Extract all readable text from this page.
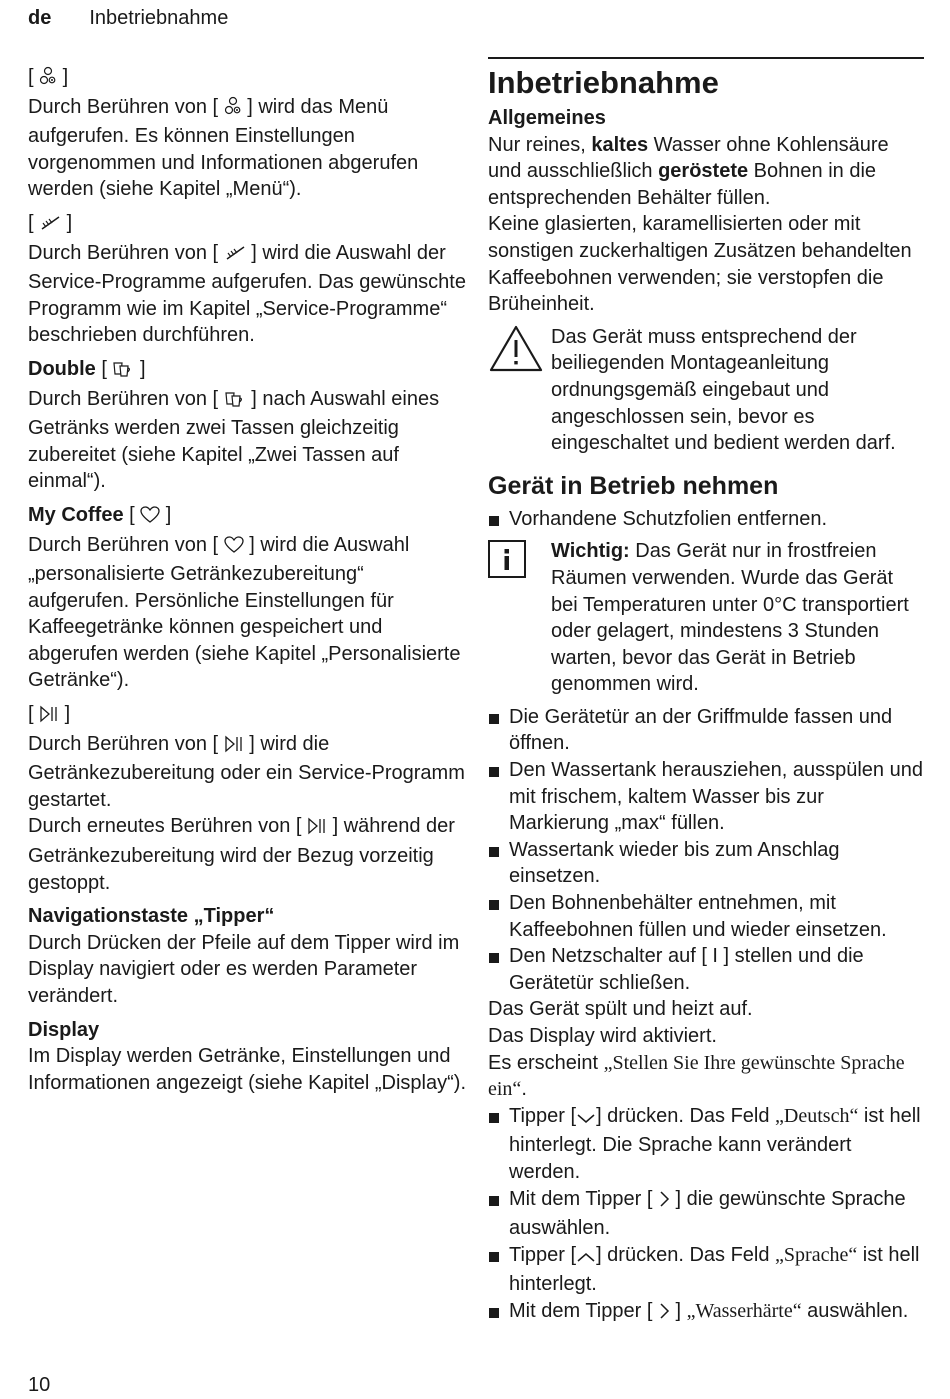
de Inbetriebnahme

[  ]

Durch Berühren von [  ] wird das Menü aufgerufen. Es können Einstellungen vorgenommen und Informationen abgerufen werden (siehe Kapitel „Menü“).

[  ]

Durch Berühren von [  ] wird die Auswahl der Service-Programme aufgerufen. Das gewünschte Programm wie im Kapitel „Service-Programme“ beschrieben durchführen.

Double [  ]

Durch Berühren von [  ] nach Auswahl eines Getränks werden zwei Tassen gleichzeitig zubereitet (siehe Kapitel „Zwei Tassen auf einmal“).

My Coffee [  ]

Durch Berühren von [  ] wird die Auswahl „personalisierte Getränkezubereitung“ aufgerufen. Persönliche Einstellungen für Kaffeegetränke können gespeichert und abgerufen werden (siehe Kapitel „Personalisierte Getränke“).

[  ]

Durch Berühren von [  ] wird die Getränkezubereitung oder ein Service-Programm gestartet.

Durch erneutes Berühren von [  ] während der Getränkezubereitung wird der Bezug vorzeitig gestoppt.

Navigationstaste „Tipper“

Durch Drücken der Pfeile auf dem Tipper wird im Display navigiert oder es werden Parameter verändert.

Display

Im Display werden Getränke, Einstellungen und Informationen angezeigt (siehe Kapitel „Display“).

Inbetriebnahme

Allgemeines

Nur reines, kaltes Wasser ohne Kohlensäure und ausschließlich geröstete Bohnen in die entsprechenden Behälter füllen.

Keine glasierten, karamellisierten oder mit sonstigen zuckerhaltigen Zusätzen behandelten Kaffeebohnen verwenden; sie verstopfen die Brüheinheit.

Das Gerät muss entsprechend der beiliegenden Montageanleitung ordnungsgemäß eingebaut und angeschlossen sein, bevor es eingeschaltet und bedient werden darf.
Gerät in Betrieb nehmen

Vorhandene Schutzfolien entfernen.

Wichtig: Das Gerät nur in frostfreien Räumen verwenden. Wurde das Gerät bei Temperaturen unter 0°C transportiert oder gelagert, mindestens 3 Stunden warten, bevor das Gerät in Betrieb genommen wird.

Die Gerätetür an der Griffmulde fassen und öffnen.

Den Wassertank herausziehen, ausspülen und mit frischem, kaltem Wasser bis zur Markierung „max“ füllen.

Wassertank wieder bis zum Anschlag einsetzen.

Den Bohnenbehälter entnehmen, mit Kaffeebohnen füllen und wieder einsetzen.

Den Netzschalter auf [ I ] stellen und die Gerätetür schließen.

Das Gerät spült und heizt auf.

Das Display wird aktiviert.

Es erscheint „Stellen Sie Ihre gewünschte Sprache ein“.

Tipper [ ] drücken. Das Feld „Deutsch“ ist hell hinterlegt. Die Sprache kann verändert werden.

Mit dem Tipper [  ] die gewünschte Sprache auswählen.

Tipper [ ] drücken. Das Feld „Sprache“ ist hell hinterlegt.

Mit dem Tipper [  ] „Wasserhärte“ auswählen.

10
